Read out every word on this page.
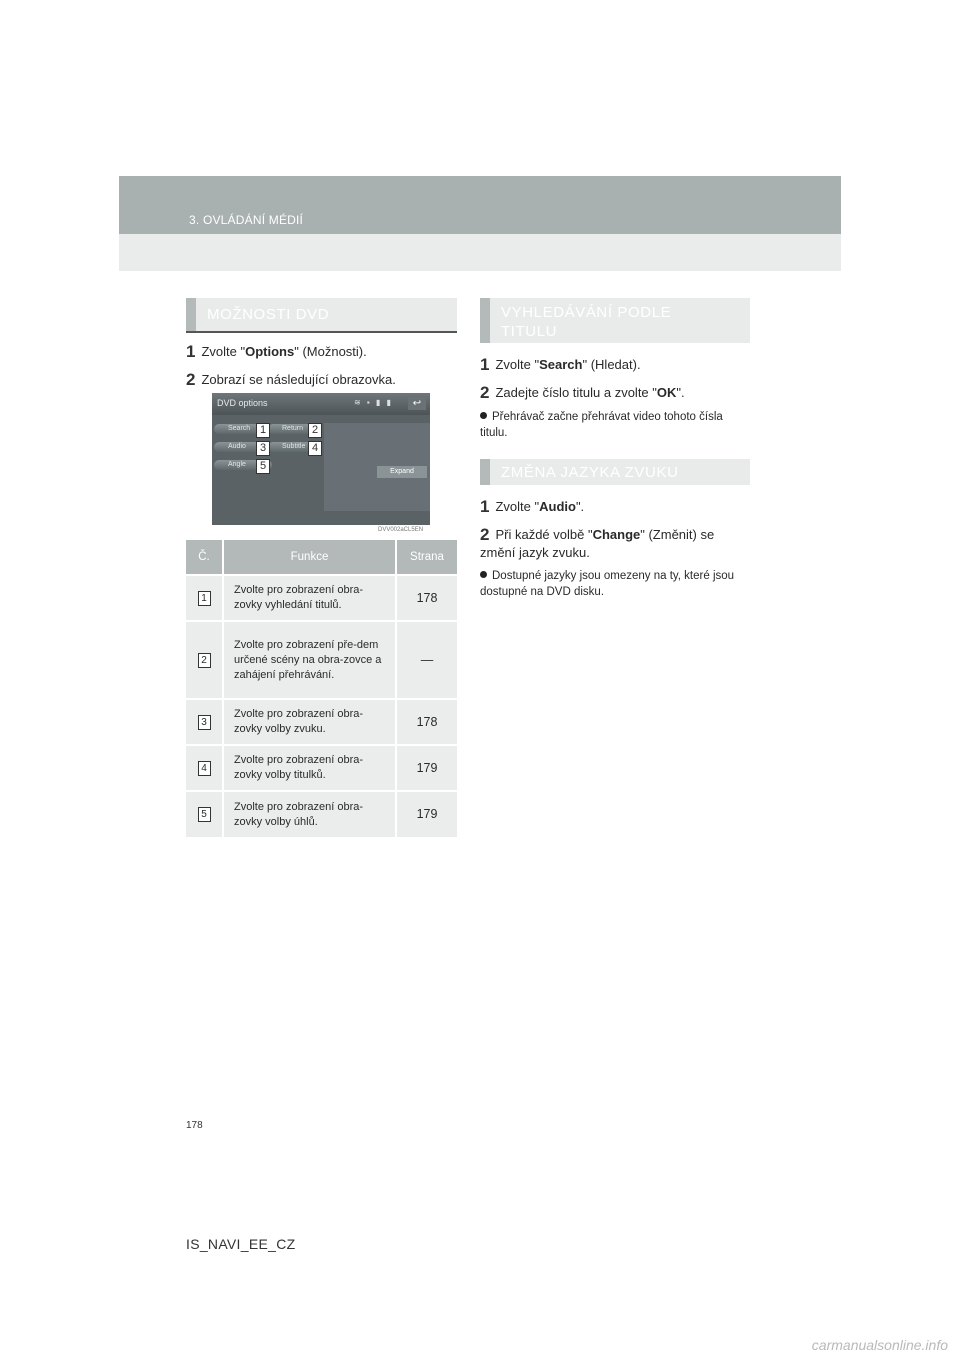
3. OVLÁDÁNÍ MÉDIÍ
MOŽNOSTI DVD
1 Zvolte "Options" (Možnosti).
2 Zobrazí se následující obrazovka.
DVD options	≋ ▪ ▮ ▮	↩
Search	Return
Audio	Subtitle
Angle
Expand
1	2
3	4
5
DVV002aCL5EN
Č.	Funkce	Strana
1	Zvolte pro zobrazení obra-zovky vyhledání titulů.	178
2	Zvolte pro zobrazení pře-dem určené scény na obra-zovce a zahájení přehrávání.	—
3	Zvolte pro zobrazení obra-zovky volby zvuku.	178
4	Zvolte pro zobrazení obra-zovky volby titulků.	179
5	Zvolte pro zobrazení obra-zovky volby úhlů.	179
VYHLEDÁVÁNÍ PODLE TITULU
1 Zvolte "Search" (Hledat).
2 Zadejte číslo titulu a zvolte "OK".
Přehrávač začne přehrávat video tohoto čísla titulu.
ZMĚNA JAZYKA ZVUKU
1 Zvolte "Audio".
2 Při každé volbě "Change" (Změnit) se změní jazyk zvuku.
Dostupné jazyky jsou omezeny na ty, které jsou dostupné na DVD disku.
178
IS_NAVI_EE_CZ
carmanualsonline.info
